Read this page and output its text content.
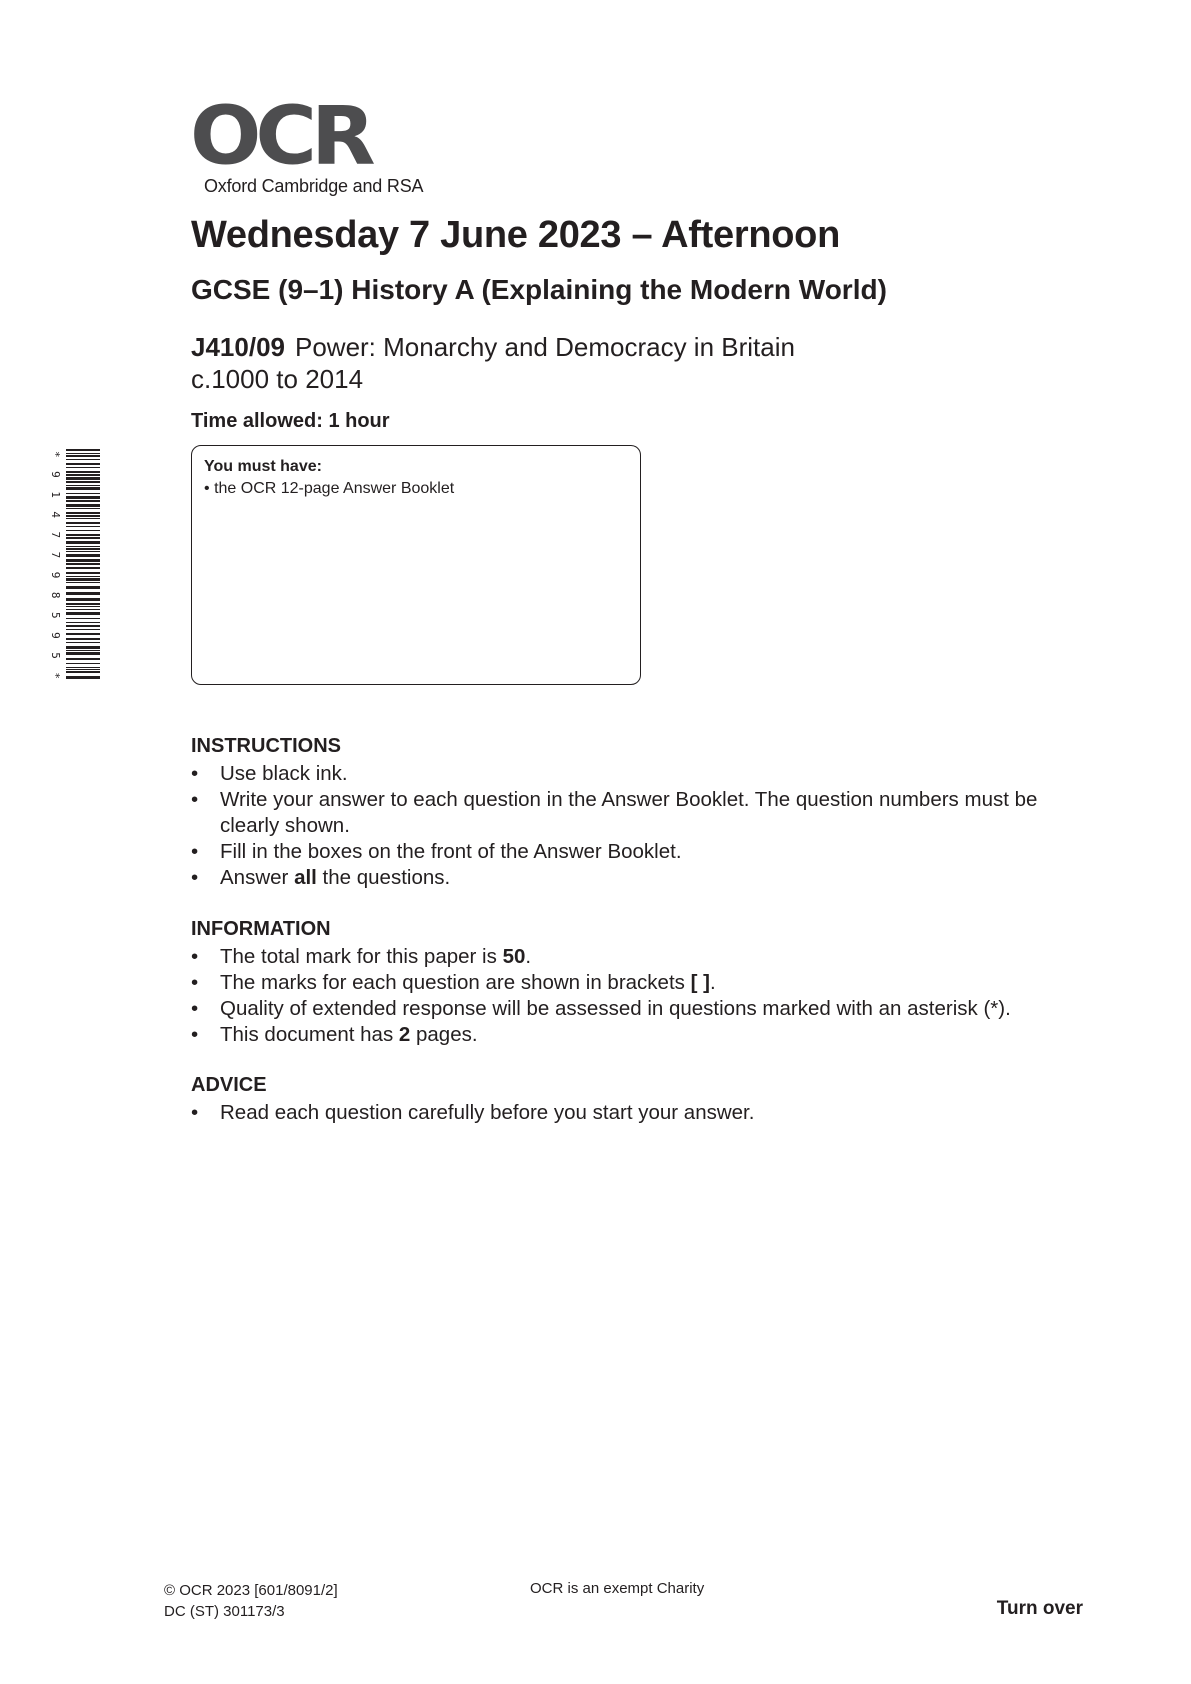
OCR
Oxford Cambridge and RSA
Wednesday 7 June 2023 – Afternoon
GCSE (9–1) History A (Explaining the Modern World)
J410/09 Power: Monarchy and Democracy in Britain
c.1000 to 2014
Time allowed: 1 hour
* 9 1 4 7 7 9 8 5 9 5 *
You must have:
• the OCR 12-page Answer Booklet
INSTRUCTIONS
• Use black ink.
• Write your answer to each question in the Answer Booklet. The question numbers must be clearly shown.
• Fill in the boxes on the front of the Answer Booklet.
• Answer all the questions.
INFORMATION
• The total mark for this paper is 50.
• The marks for each question are shown in brackets [ ].
• Quality of extended response will be assessed in questions marked with an asterisk (*).
• This document has 2 pages.
ADVICE
• Read each question carefully before you start your answer.
© OCR 2023 [601/8091/2]
DC (ST) 301173/3
OCR is an exempt Charity
Turn over
